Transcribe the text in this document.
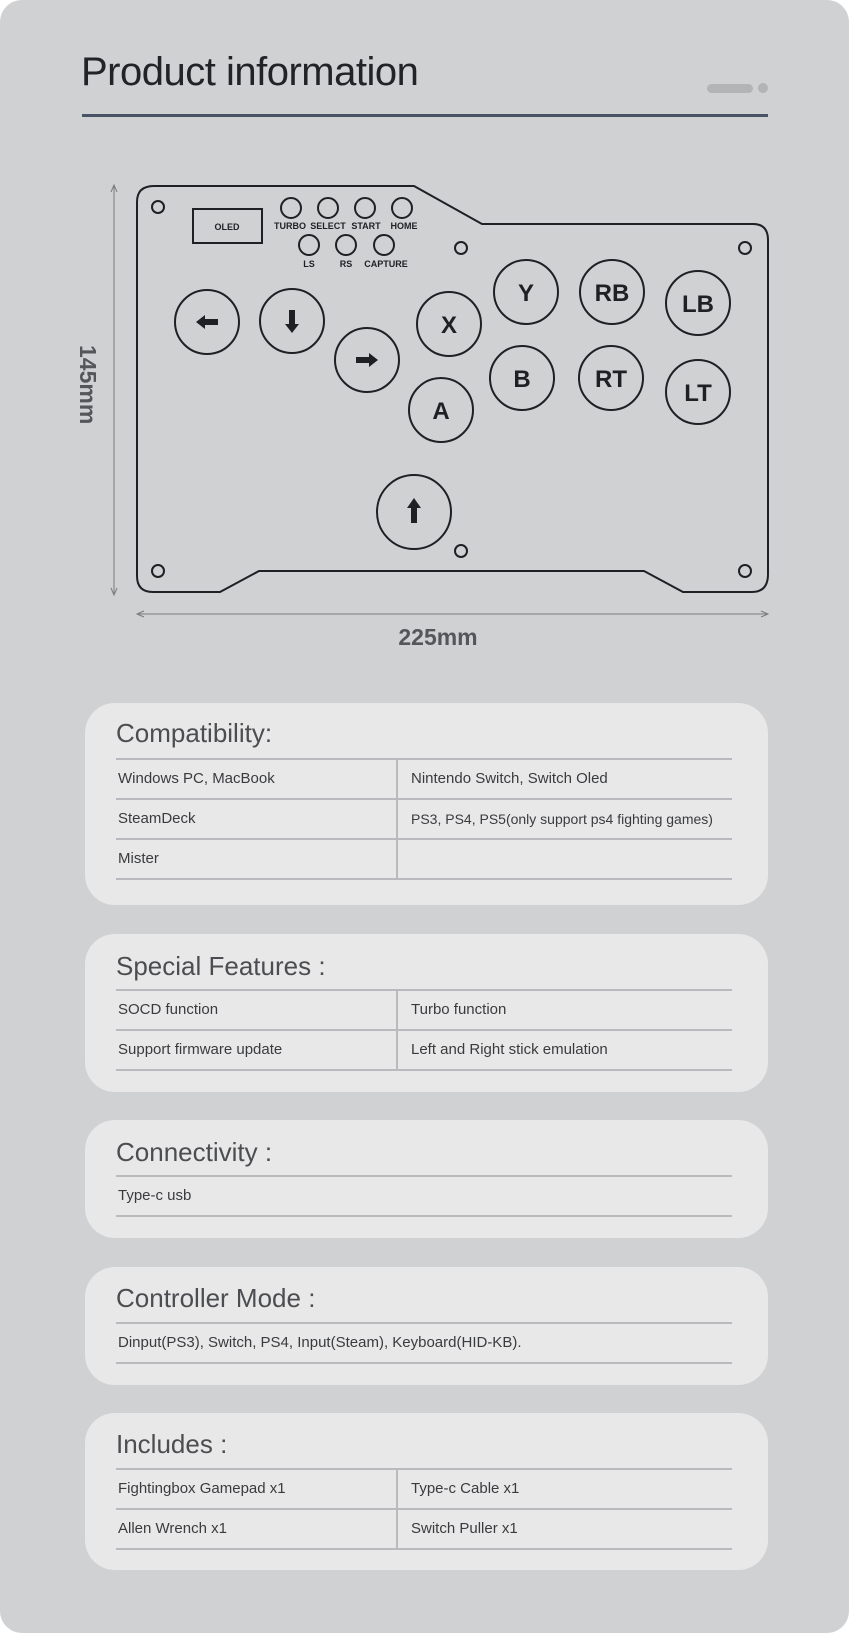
Product information
145mm
225mm
OLED	TURBO SELECT START HOME
LS	RS CAPTURE
X
Y	RB LB
A
B	RT
LT
Compatibility:
Windows PC, MacBook	Nintendo Switch, Switch Oled
SteamDeck	PS3, PS4, PS5(only support ps4 fighting games)
Mister
Special Features :
SOCD function	Turbo function
Support firmware update	Left and Right stick emulation
Connectivity :
Type-c usb
Controller Mode :
Dinput(PS3), Switch, PS4, Input(Steam), Keyboard(HID-KB).
Includes :
Fightingbox Gamepad x1	Type-c Cable x1
Allen Wrench x1	Switch Puller x1
